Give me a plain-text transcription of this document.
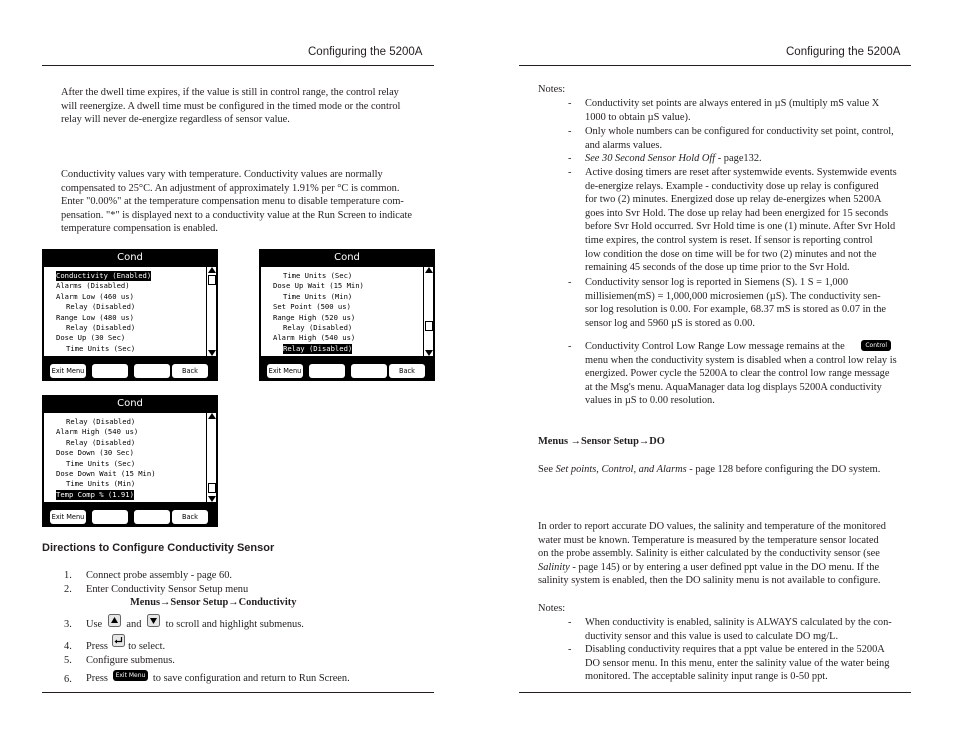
Configuring the 5200A
After the dwell time expires, if the value is still in control range, the control relay
will reenergize. A dwell time must be configured in the timed mode or the control
relay will never de-energize regardless of sensor value.
Conductivity values vary with temperature. Conductivity values are normally
compensated to 25°C. An adjustment of approximately 1.91% per °C is common.
Enter "0.00%" at the temperature compensation menu to disable temperature com-
pensation. "*" is displayed next to a conductivity value at the Run Screen to indicate
temperature compensation is enabled.
Cond
Conductivity (Enabled)
Alarms (Disabled)
Alarm Low (460 us)
Relay (Disabled)
Range Low (480 us)
Relay (Disabled)
Dose Up (30 Sec)
Time Units (Sec)
Exit Menu	Back
Cond
Time Units (Sec)
Dose Up Wait (15 Min)
Time Units (Min)
Set Point (500 us)
Range High (520 us)
Relay (Disabled)
Alarm High (540 us)
Relay (Disabled)
Exit Menu	Back
Cond
Relay (Disabled)
Alarm High (540 us)
Relay (Disabled)
Dose Down (30 Sec)
Time Units (Sec)
Dose Down Wait (15 Min)
Time Units (Min)
Temp Comp % (1.91)
Exit Menu	Back
Directions to Configure Conductivity Sensor
1. Connect probe assembly - page 60.
2. Enter Conductivity Sensor Setup menu
Menus→Sensor Setup→Conductivity
3. Use and to scroll and highlight submenus.
4. Press to select.
5. Configure submenus.
6. Press Exit Menu to save configuration and return to Run Screen.
Configuring the 5200A
Notes:
- Conductivity set points are always entered in µS (multiply mS value X
1000 to obtain µS value).
- Only whole numbers can be configured for conductivity set point, control,
and alarms values.
- See 30 Second Sensor Hold Off - page132.
- Active dosing timers are reset after systemwide events. Systemwide events
de-energize relays. Example - conductivity dose up relay is configured
for two (2) minutes. Energized dose up relay de-energizes when 5200A
goes into Svr Hold. The dose up relay had been energized for 15 seconds
before Svr Hold occurred. Svr Hold time is one (1) minute. After Svr Hold
time expires, the control system is reset. If sensor is reporting control
low condition the dose on time will be for two (2) minutes and not the
remaining 45 seconds of the dose up time prior to the Svr Hold.
- Conductivity sensor log is reported in Siemens (S). 1 S = 1,000
millisiemen(mS) = 1,000,000 microsiemen (µS). The conductivity sen-
sor log resolution is 0.00. For example, 68.37 mS is stored as 0.07 in the
sensor log and 5960 µS is stored as 0.00.
- Conductivity Control Low Range Low message remains at the	Control
menu when the conductivity system is disabled when a control low relay is
energized. Power cycle the 5200A to clear the control low range message
at the Msg's menu. AquaManager data log displays 5200A conductivity
values in µS to 0.00 resolution.
Menus →Sensor Setup→DO
See Set points, Control, and Alarms - page 128 before configuring the DO system.
In order to report accurate DO values, the salinity and temperature of the monitored
water must be known. Temperature is measured by the temperature sensor located
on the probe assembly. Salinity is either calculated by the conductivity sensor (see
Salinity - page 145) or by entering a user defined ppt value in the DO menu. If the
salinity system is enabled, then the DO salinity menu is not available to configure.
Notes:
- When conductivity is enabled, salinity is ALWAYS calculated by the con-
ductivity sensor and this value is used to calculate DO mg/L.
- Disabling conductivity requires that a ppt value be entered in the 5200A
DO sensor menu. In this menu, enter the salinity value of the water being
monitored. The acceptable salinity input range is 0-50 ppt.
